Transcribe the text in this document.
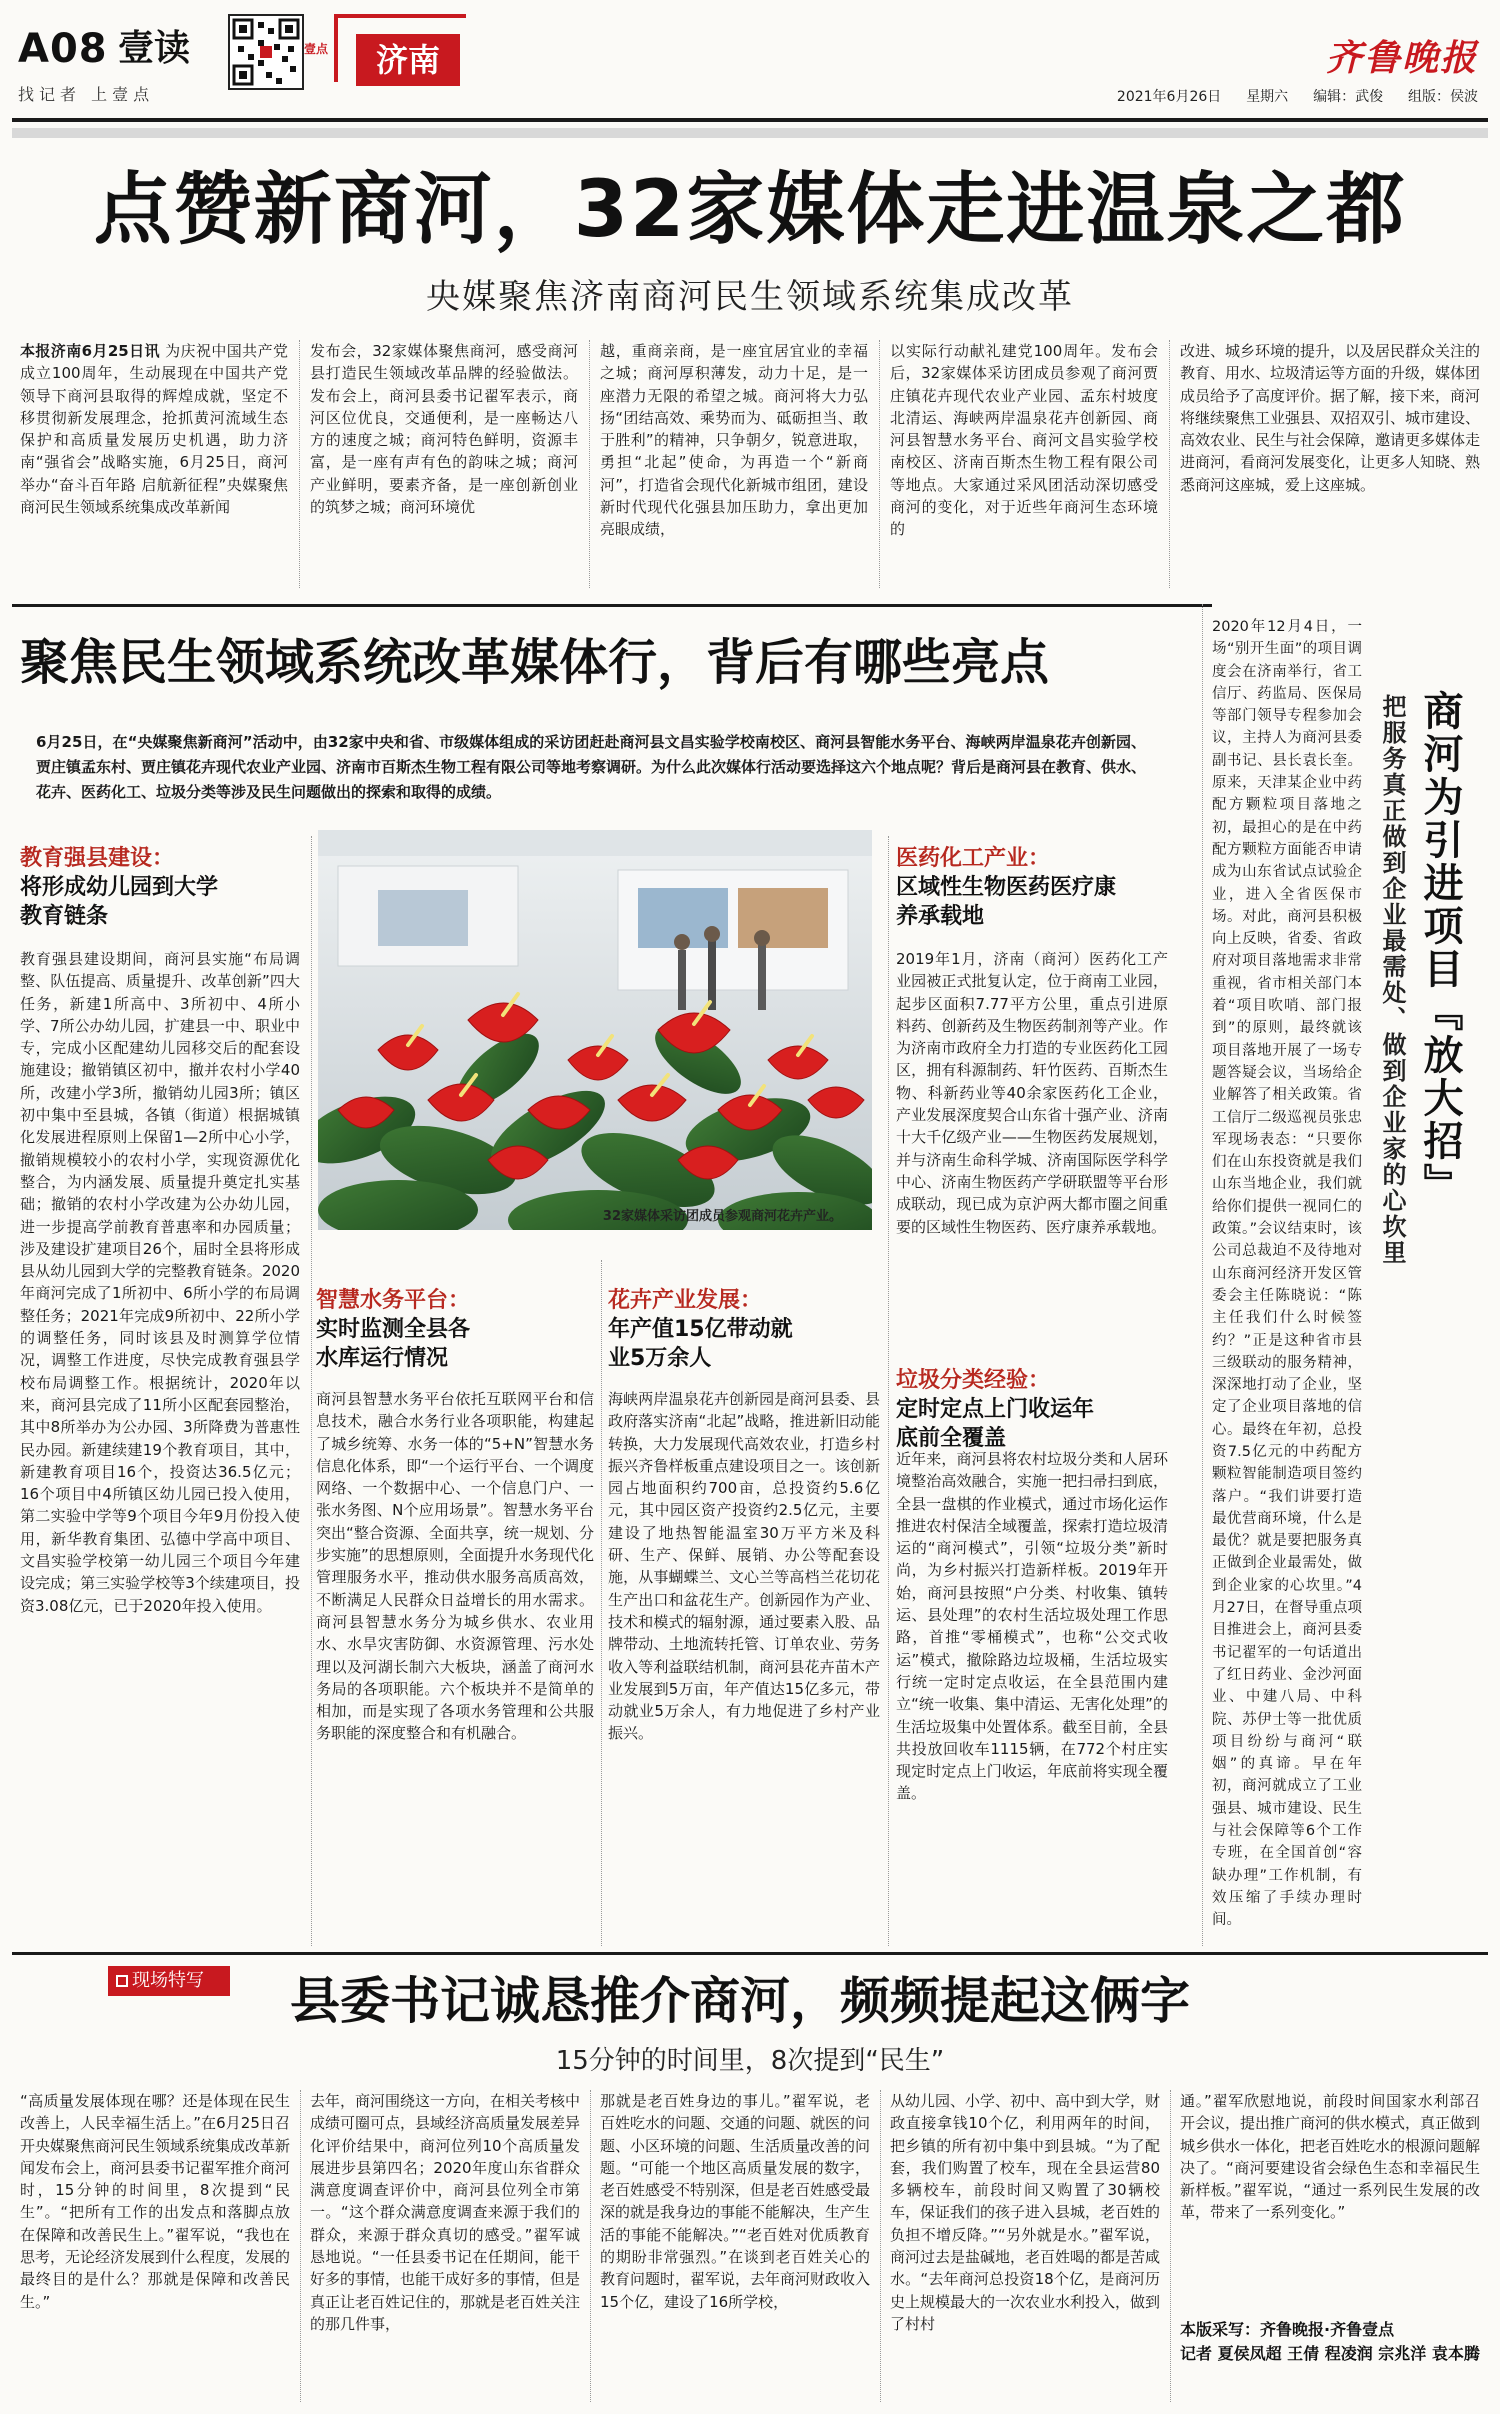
A08 壹读
找记者 上壹点
壹点	济南	齐鲁晚报
2021年6月26日 星期六 编辑：武俊 组版：侯波
点赞新商河，32家媒体走进温泉之都
央媒聚焦济南商河民生领域系统集成改革

本报济南6月25日讯 为庆祝中国共产党成立100周年，生动展现在中国共产党领导下商河县取得的辉煌成就，坚定不移贯彻新发展理念，抢抓黄河流域生态保护和高质量发展历史机遇，助力济南“强省会”战略实施，6月25日，商河举办“奋斗百年路 启航新征程”央媒聚焦商河民生领域系统集成改革新闻

发布会，32家媒体聚焦商河，感受商河县打造民生领域改革品牌的经验做法。发布会上，商河县委书记翟军表示，商河区位优良，交通便利，是一座畅达八方的速度之城；商河特色鲜明，资源丰富，是一座有声有色的韵味之城；商河产业鲜明，要素齐备，是一座创新创业的筑梦之城；商河环境优

越，重商亲商，是一座宜居宜业的幸福之城；商河厚积薄发，动力十足，是一座潜力无限的希望之城。商河将大力弘扬“团结高效、乘势而为、砥砺担当、敢于胜利”的精神，只争朝夕，锐意进取，勇担“北起”使命，为再造一个“新商河”，打造省会现代化新城市组团，建设新时代现代化强县加压助力，拿出更加亮眼成绩，

以实际行动献礼建党100周年。发布会后，32家媒体采访团成员参观了商河贾庄镇花卉现代农业产业园、孟东村坡度北清运、海峡两岸温泉花卉创新园、商河县智慧水务平台、商河文昌实验学校南校区、济南百斯杰生物工程有限公司等地点。大家通过采风团活动深切感受商河的变化，对于近些年商河生态环境的

改进、城乡环境的提升，以及居民群众关注的教育、用水、垃圾清运等方面的升级，媒体团成员给予了高度评价。据了解，接下来，商河将继续聚焦工业强县、双招双引、城市建设、高效农业、民生与社会保障，邀请更多媒体走进商河，看商河发展变化，让更多人知晓、熟悉商河这座城，爱上这座城。

聚焦民生领域系统改革媒体行，背后有哪些亮点

6月25日，在“央媒聚焦新商河”活动中，由32家中央和省、市级媒体组成的采访团赶赴商河县文昌实验学校南校区、商河县智能水务平台、海峡两岸温泉花卉创新园、贾庄镇孟东村、贾庄镇花卉现代农业产业园、济南市百斯杰生物工程有限公司等地考察调研。为什么此次媒体行活动要选择这六个地点呢？背后是商河县在教育、供水、花卉、医药化工、垃圾分类等涉及民生问题做出的探索和取得的成绩。

教育强县建设：
将形成幼儿园到大学教育链条

教育强县建设期间，商河县实施“布局调整、队伍提高、质量提升、改革创新”四大任务，新建1所高中、3所初中、4所小学、7所公办幼儿园，扩建县一中、职业中专，完成小区配建幼儿园移交后的配套设施建设；撤销镇区初中，撤并农村小学40所，改建小学3所，撤销幼儿园3所；镇区初中集中至县城，各镇（街道）根据城镇化发展进程原则上保留1—2所中心小学，撤销规模较小的农村小学，实现资源优化整合，为内涵发展、质量提升奠定扎实基础；撤销的农村小学改建为公办幼儿园，进一步提高学前教育普惠率和办园质量；涉及建设扩建项目26个，届时全县将形成县从幼儿园到大学的完整教育链条。2020年商河完成了1所初中、6所小学的布局调整任务；2021年完成9所初中、22所小学的调整任务，同时该县及时测算学位情况，调整工作进度，尽快完成教育强县学校布局调整工作。根据统计，2020年以来，商河县完成了11所小区配套园整治，其中8所举办为公办园、3所降费为普惠性民办园。新建续建19个教育项目，其中，新建教育项目16个，投资达36.5亿元；16个项目中4所镇区幼儿园已投入使用，第二实验中学等9个项目今年9月份投入使用，新华教育集团、弘德中学高中项目、文昌实验学校第一幼儿园三个项目今年建设完成；第三实验学校等3个续建项目，投资3.08亿元，已于2020年投入使用。

32家媒体采访团成员参观商河花卉产业。

智慧水务平台：
实时监测全县各水库运行情况

商河县智慧水务平台依托互联网平台和信息技术，融合水务行业各项职能，构建起了城乡统筹、水务一体的“5+N”智慧水务信息化体系，即“一个运行平台、一个调度网络、一个数据中心、一个信息门户、一张水务图、N个应用场景”。智慧水务平台突出“整合资源、全面共享，统一规划、分步实施”的思想原则，全面提升水务现代化管理服务水平，推动供水服务高质高效，不断满足人民群众日益增长的用水需求。商河县智慧水务分为城乡供水、农业用水、水旱灾害防御、水资源管理、污水处理以及河湖长制六大板块，涵盖了商河水务局的各项职能。六个板块并不是简单的相加，而是实现了各项水务管理和公共服务职能的深度整合和有机融合。

花卉产业发展：
年产值15亿带动就业5万余人

海峡两岸温泉花卉创新园是商河县委、县政府落实济南“北起”战略，推进新旧动能转换，大力发展现代高效农业，打造乡村振兴齐鲁样板重点建设项目之一。该创新园占地面积约700亩，总投资约5.6亿元，其中园区资产投资约2.5亿元，主要建设了地热智能温室30万平方米及科研、生产、保鲜、展销、办公等配套设施，从事蝴蝶兰、文心兰等高档兰花切花生产出口和盆花生产。创新园作为产业、技术和模式的辐射源，通过要素入股、品牌带动、土地流转托管、订单农业、劳务收入等利益联结机制，商河县花卉苗木产业发展到5万亩，年产值达15亿多元，带动就业5万余人，有力地促进了乡村产业振兴。

医药化工产业：
区域性生物医药医疗康养承载地

2019年1月，济南（商河）医药化工产业园被正式批复认定，位于商南工业园，起步区面积7.77平方公里，重点引进原料药、创新药及生物医药制剂等产业。作为济南市政府全力打造的专业医药化工园区，拥有科源制药、轩竹医药、百斯杰生物、科新药业等40余家医药化工企业，产业发展深度契合山东省十强产业、济南十大千亿级产业——生物医药发展规划，并与济南生命科学城、济南国际医学科学中心、济南生物医药产学研联盟等平台形成联动，现已成为京沪两大都市圈之间重要的区域性生物医药、医疗康养承载地。

垃圾分类经验：
定时定点上门收运年底前全覆盖

近年来，商河县将农村垃圾分类和人居环境整治高效融合，实施一把扫帚扫到底，全县一盘棋的作业模式，通过市场化运作推进农村保洁全域覆盖，探索打造垃圾清运的“商河模式”，引领“垃圾分类”新时尚，为乡村振兴打造新样板。2019年开始，商河县按照“户分类、村收集、镇转运、县处理”的农村生活垃圾处理工作思路，首推“零桶模式”，也称“公交式收运”模式，撤除路边垃圾桶，生活垃圾实行统一定时定点收运，在全县范围内建立“统一收集、集中清运、无害化处理”的生活垃圾集中处置体系。截至目前，全县共投放回收车1115辆，在772个村庄实现定时定点上门收运，年底前将实现全覆盖。

2020年12月4日，一场“别开生面”的项目调度会在济南举行，省工信厅、药监局、医保局等部门领导专程参加会议，主持人为商河县委副书记、县长袁长奎。原来，天津某企业中药配方颗粒项目落地之初，最担心的是在中药配方颗粒方面能否申请成为山东省试点试验企业，进入全省医保市场。对此，商河县积极向上反映，省委、省政府对项目落地需求非常重视，省市相关部门本着“项目吹哨、部门报到”的原则，最终就该项目落地开展了一场专题答疑会议，当场给企业解答了相关政策。省工信厅二级巡视员张忠军现场表态：“只要你们在山东投资就是我们山东当地企业，我们就给你们提供一视同仁的政策。”会议结束时，该公司总裁迫不及待地对山东商河经济开发区管委会主任陈晓说：“陈主任我们什么时候签约？”正是这种省市县三级联动的服务精神，深深地打动了企业，坚定了企业项目落地的信心。最终在年初，总投资7.5亿元的中药配方颗粒智能制造项目签约落户。“我们讲要打造最优营商环境，什么是最优？就是要把服务真正做到企业最需处，做到企业家的心坎里。”4月27日，在督导重点项目推进会上，商河县委书记翟军的一句话道出了红日药业、金沙河面业、中建八局、中科院、苏伊士等一批优质项目纷纷与商河“联姻”的真谛。早在年初，商河就成立了工业强县、城市建设、民生与社会保障等6个工作专班，在全国首创“容缺办理”工作机制，有效压缩了手续办理时间。

商河为引进项目『放大招』
把服务真正做到企业最需处、做到企业家的心坎里
现场特写 县委书记诚恳推介商河，频频提起这俩字
15分钟的时间里，8次提到“民生”

“高质量发展体现在哪？还是体现在民生改善上，人民幸福生活上。”在6月25日召开央媒聚焦商河民生领域系统集成改革新闻发布会上，商河县委书记翟军推介商河时，15分钟的时间里，8次提到“民生”。“把所有工作的出发点和落脚点放在保障和改善民生上。”翟军说，“我也在思考，无论经济发展到什么程度，发展的最终目的是什么？那就是保障和改善民生。”

去年，商河围绕这一方向，在相关考核中成绩可圈可点，县域经济高质量发展差异化评价结果中，商河位列10个高质量发展进步县第四名；2020年度山东省群众满意度调查评价中，商河县位列全市第一。“这个群众满意度调查来源于我们的群众，来源于群众真切的感受。”翟军诚恳地说。“一任县委书记在任期间，能干好多的事情，也能干成好多的事情，但是真正让老百姓记住的，那就是老百姓关注的那几件事，

那就是老百姓身边的事儿。”翟军说，老百姓吃水的问题、交通的问题、就医的问题、小区环境的问题、生活质量改善的问题。“可能一个地区高质量发展的数字，老百姓感受不特别深，但是老百姓感受最深的就是我身边的事能不能解决，生产生活的事能不能解决。”“老百姓对优质教育的期盼非常强烈。”在谈到老百姓关心的教育问题时，翟军说，去年商河财政收入15个亿，建设了16所学校，

从幼儿园、小学、初中、高中到大学，财政直接拿钱10个亿，利用两年的时间，把乡镇的所有初中集中到县城。“为了配套，我们购置了校车，现在全县运营80多辆校车，前段时间又购置了30辆校车，保证我们的孩子进入县城，老百姓的负担不增反降。”“另外就是水。”翟军说，商河过去是盐碱地，老百姓喝的都是苦咸水。“去年商河总投资18个亿，是商河历史上规模最大的一次农业水利投入，做到了村村

通。”翟军欣慰地说，前段时间国家水利部召开会议，提出推广商河的供水模式，真正做到城乡供水一体化，把老百姓吃水的根源问题解决了。“商河要建设省会绿色生态和幸福民生新样板。”翟军说，“通过一系列民生发展的改革，带来了一系列变化。”

本版采写：齐鲁晚报·齐鲁壹点
记者 夏侯凤超 王倩 程凌润 宗兆洋 袁本腾
